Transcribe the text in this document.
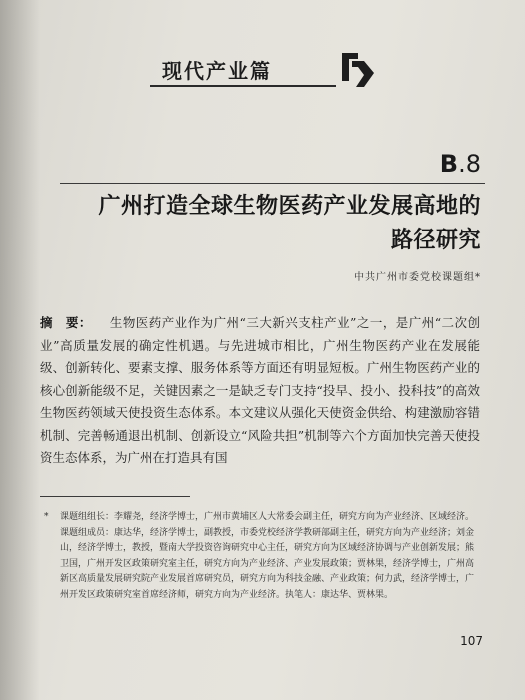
现代产业篇
B.8
广州打造全球生物医药产业发展高地的
路径研究
中共广州市委党校课题组*
摘　要： 生物医药产业作为广州“三大新兴支柱产业”之一，是广州“二次创业”高质量发展的确定性机遇。与先进城市相比，广州生物医药产业在发展能级、创新转化、要素支撑、服务体系等方面还有明显短板。广州生物医药产业的核心创新能级不足，关键因素之一是缺乏专门支持“投早、投小、投科技”的高效生物医药领域天使投资生态体系。本文建议从强化天使资金供给、构建激励容错机制、完善畅通退出机制、创新设立“风险共担”机制等六个方面加快完善天使投资生态体系，为广州在打造具有国
* 课题组组长：李耀尧，经济学博士，广州市黄埔区人大常委会副主任，研究方向为产业经济、区域经济。课题组成员：康达华，经济学博士，副教授，市委党校经济学教研部副主任，研究方向为产业经济；刘金山，经济学博士，教授，暨南大学投资咨询研究中心主任，研究方向为区域经济协调与产业创新发展；熊卫国，广州开发区政策研究室主任，研究方向为产业经济、产业发展政策；贾林果，经济学博士，广州高新区高质量发展研究院产业发展首席研究员，研究方向为科技金融、产业政策；何力武，经济学博士，广州开发区政策研究室首席经济师，研究方向为产业经济。执笔人：康达华、贾林果。
107
